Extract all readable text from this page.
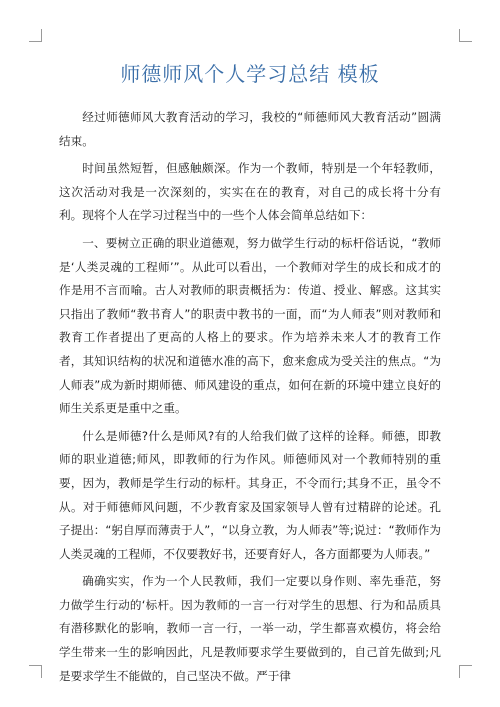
师德师风个人学习总结 模板

经过师德师风大教育活动的学习，我校的“师德师风大教育活动”圆满结束。

时间虽然短暂，但感触颇深。作为一个教师，特别是一个年轻教师，这次活动对我是一次深刻的，实实在在的教育，对自己的成长将十分有利。现将个人在学习过程当中的一些个人体会简单总结如下：

一、要树立正确的职业道德观，努力做学生行动的标杆俗话说，“教师是‘人类灵魂的工程师’”。从此可以看出，一个教师对学生的成长和成才的作是用不言而喻。古人对教师的职责概括为：传道、授业、解惑。这其实只指出了教师“教书育人”的职责中教书的一面，而“为人师表”则对教师和教育工作者提出了更高的人格上的要求。作为培养未来人才的教育工作者，其知识结构的状况和道德水准的高下，愈来愈成为受关注的焦点。“为人师表”成为新时期师德、师风建设的重点，如何在新的环境中建立良好的师生关系更是重中之重。

什么是师德?什么是师风?有的人给我们做了这样的诠释。师德，即教师的职业道德;师风，即教师的行为作风。师德师风对一个教师特别的重要，因为，教师是学生行动的标杆。其身正，不令而行;其身不正，虽令不从。对于师德师风问题，不少教育家及国家领导人曾有过精辟的论述。孔子提出：“躬自厚而薄责于人”，“以身立教，为人师表”等;说过：“教师作为人类灵魂的工程师，不仅要教好书，还要育好人，各方面都要为人师表。”

确确实实，作为一个人民教师，我们一定要以身作则、率先垂范，努力做学生行动的‘标杆。因为教师的一言一行对学生的思想、行为和品质具有潜移默化的影响，教师一言一行，一举一动，学生都喜欢模仿，将会给学生带来一生的影响因此，凡是教师要求学生要做到的，自己首先做到;凡是要求学生不能做的，自己坚决不做。严于律
